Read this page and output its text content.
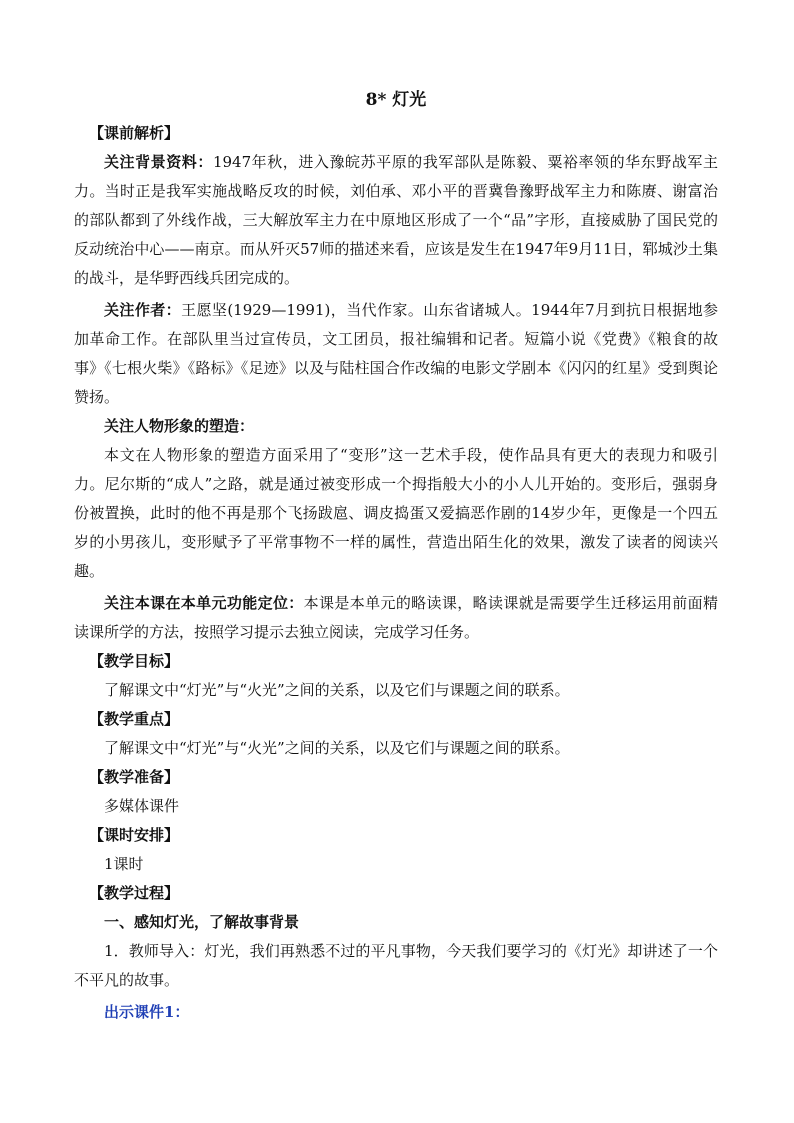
8* 灯光
【课前解析】

关注背景资料：1947年秋，进入豫皖苏平原的我军部队是陈毅、粟裕率领的华东野战军主力。当时正是我军实施战略反攻的时候，刘伯承、邓小平的晋冀鲁豫野战军主力和陈赓、谢富治的部队都到了外线作战，三大解放军主力在中原地区形成了一个“品”字形，直接威胁了国民党的反动统治中心——南京。而从歼灭57师的描述来看，应该是发生在1947年9月11日，郓城沙土集的战斗，是华野西线兵团完成的。

关注作者：王愿坚(1929—1991)，当代作家。山东省诸城人。1944年7月到抗日根据地参加革命工作。在部队里当过宣传员，文工团员，报社编辑和记者。短篇小说《党费》《粮食的故事》《七根火柴》《路标》《足迹》以及与陆柱国合作改编的电影文学剧本《闪闪的红星》受到舆论赞扬。

关注人物形象的塑造：

本文在人物形象的塑造方面采用了“变形”这一艺术手段，使作品具有更大的表现力和吸引力。尼尔斯的“成人”之路，就是通过被变形成一个拇指般大小的小人儿开始的。变形后，强弱身份被置换，此时的他不再是那个飞扬跋扈、调皮捣蛋又爱搞恶作剧的14岁少年，更像是一个四五岁的小男孩儿，变形赋予了平常事物不一样的属性，营造出陌生化的效果，激发了读者的阅读兴趣。

关注本课在本单元功能定位：本课是本单元的略读课，略读课就是需要学生迁移运用前面精读课所学的方法，按照学习提示去独立阅读，完成学习任务。

【教学目标】

了解课文中“灯光”与“火光”之间的关系，以及它们与课题之间的联系。

【教学重点】

了解课文中“灯光”与“火光”之间的关系，以及它们与课题之间的联系。

【教学准备】

多媒体课件

【课时安排】

1课时

【教学过程】

一、感知灯光，了解故事背景

1．教师导入：灯光，我们再熟悉不过的平凡事物，今天我们要学习的《灯光》却讲述了一个不平凡的故事。

出示课件1：
